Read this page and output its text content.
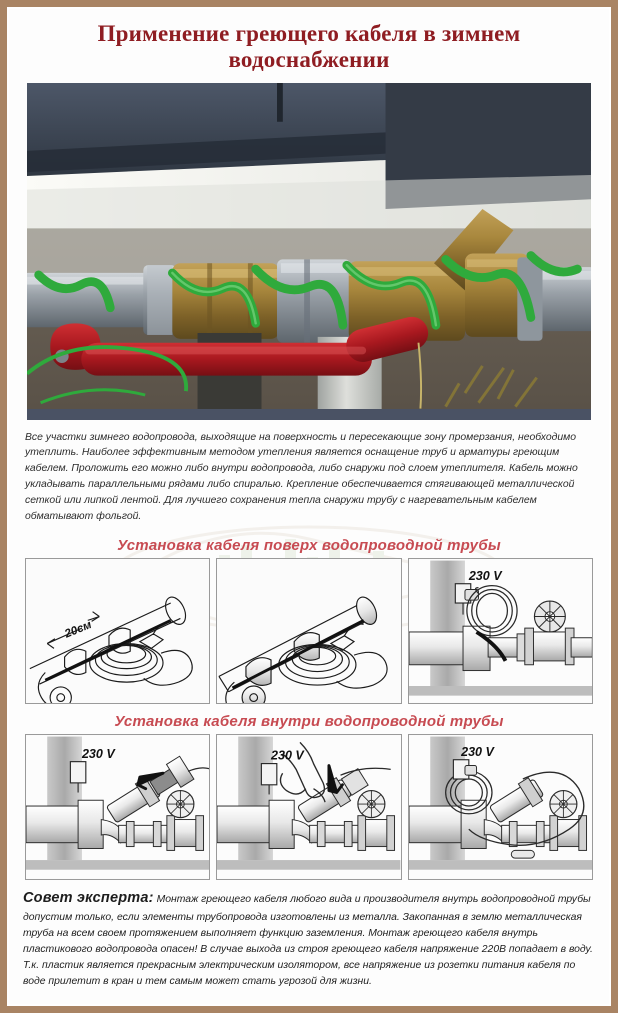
Применение греющего кабеля в зимнем водоснабжении
Все участки зимнего водопровода, выходящие на поверхность и пересекающие зону промерзания, необходимо утеплить. Наиболее эффективным методом утепления является оснащение труб и арматуры греющим кабелем. Проложить его можно либо внутри водопровода, либо снаружи под слоем утеплителя. Кабель можно укладывать параллельными рядами либо спиралью. Крепление обеспечивается стягивающей металлической сеткой или липкой лентой. Для лучшего сохранения тепла снаружи трубу с нагревательным кабелем обматывают фольгой.
Установка кабеля поверх водопроводной трубы
20см
230 V
Установка кабеля внутри водопроводной трубы
230 V	230 V	230 V
Совет эксперта: Монтаж греющего кабеля любого вида и производителя внутрь водопроводной трубы допустим только, если элементы трубопровода изготовлены из металла. Закопанная в землю металлическая труба на всем своем протяжением выполняет функцию заземления. Монтаж греющего кабеля внутрь пластикового водопровода опасен! В случае выхода из строя греющего кабеля напряжение 220В попадает в воду. Т.к. пластик является прекрасным электрическим изолятором, все напряжение из розетки питания кабеля по воде прилетит в кран и тем самым может стать угрозой для жизни.
